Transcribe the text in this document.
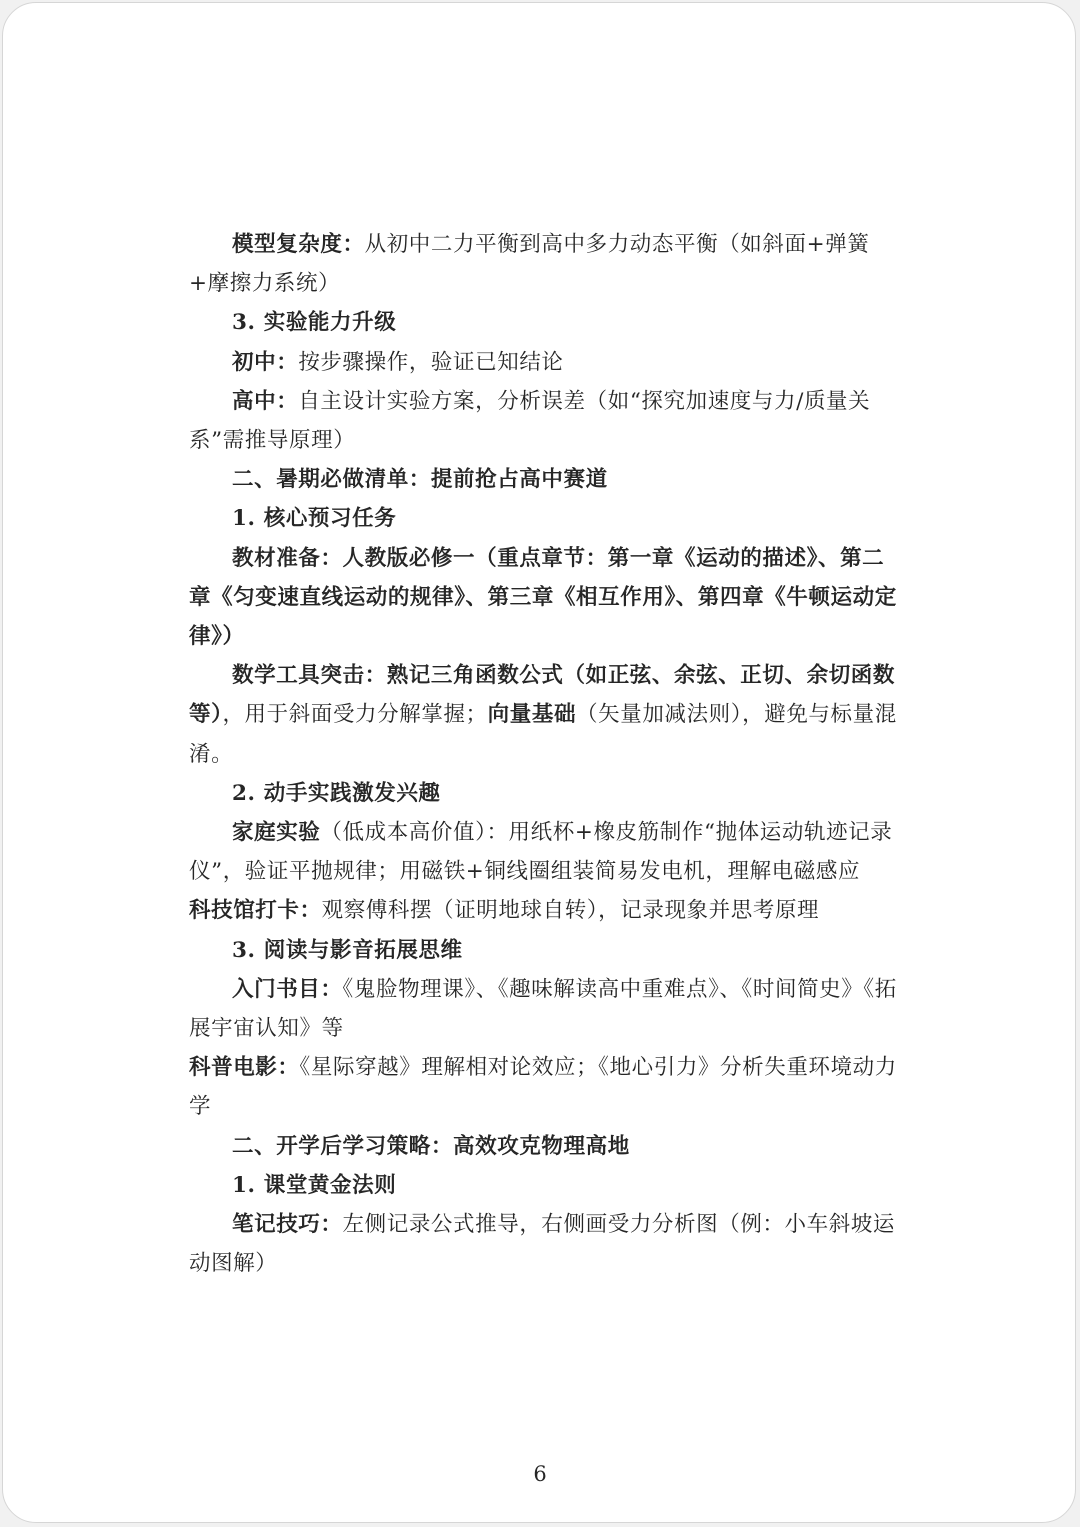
模型复杂度：从初中二力平衡到高中多力动态平衡（如斜面+弹簧+摩擦力系统）

3. 实验能力升级

初中：按步骤操作，验证已知结论

高中：自主设计实验方案，分析误差（如“探究加速度与力/质量关系”需推导原理）

二、暑期必做清单：提前抢占高中赛道

1. 核心预习任务

教材准备：人教版必修一（重点章节：第一章《运动的描述》、第二章《匀变速直线运动的规律》、第三章《相互作用》、第四章《牛顿运动定律》）

数学工具突击：熟记三角函数公式（如正弦、余弦、正切、余切函数等），用于斜面受力分解掌握；向量基础（矢量加减法则），避免与标量混淆。

2. 动手实践激发兴趣

家庭实验（低成本高价值）：用纸杯+橡皮筋制作“抛体运动轨迹记录仪”，验证平抛规律；用磁铁+铜线圈组装简易发电机，理解电磁感应

科技馆打卡：观察傅科摆（证明地球自转），记录现象并思考原理

3. 阅读与影音拓展思维

入门书目：《鬼脸物理课》、《趣味解读高中重难点》、《时间简史》《拓展宇宙认知》等

科普电影：《星际穿越》理解相对论效应；《地心引力》分析失重环境动力学

二、开学后学习策略：高效攻克物理高地

1. 课堂黄金法则

笔记技巧：左侧记录公式推导，右侧画受力分析图（例：小车斜坡运动图解）

6
